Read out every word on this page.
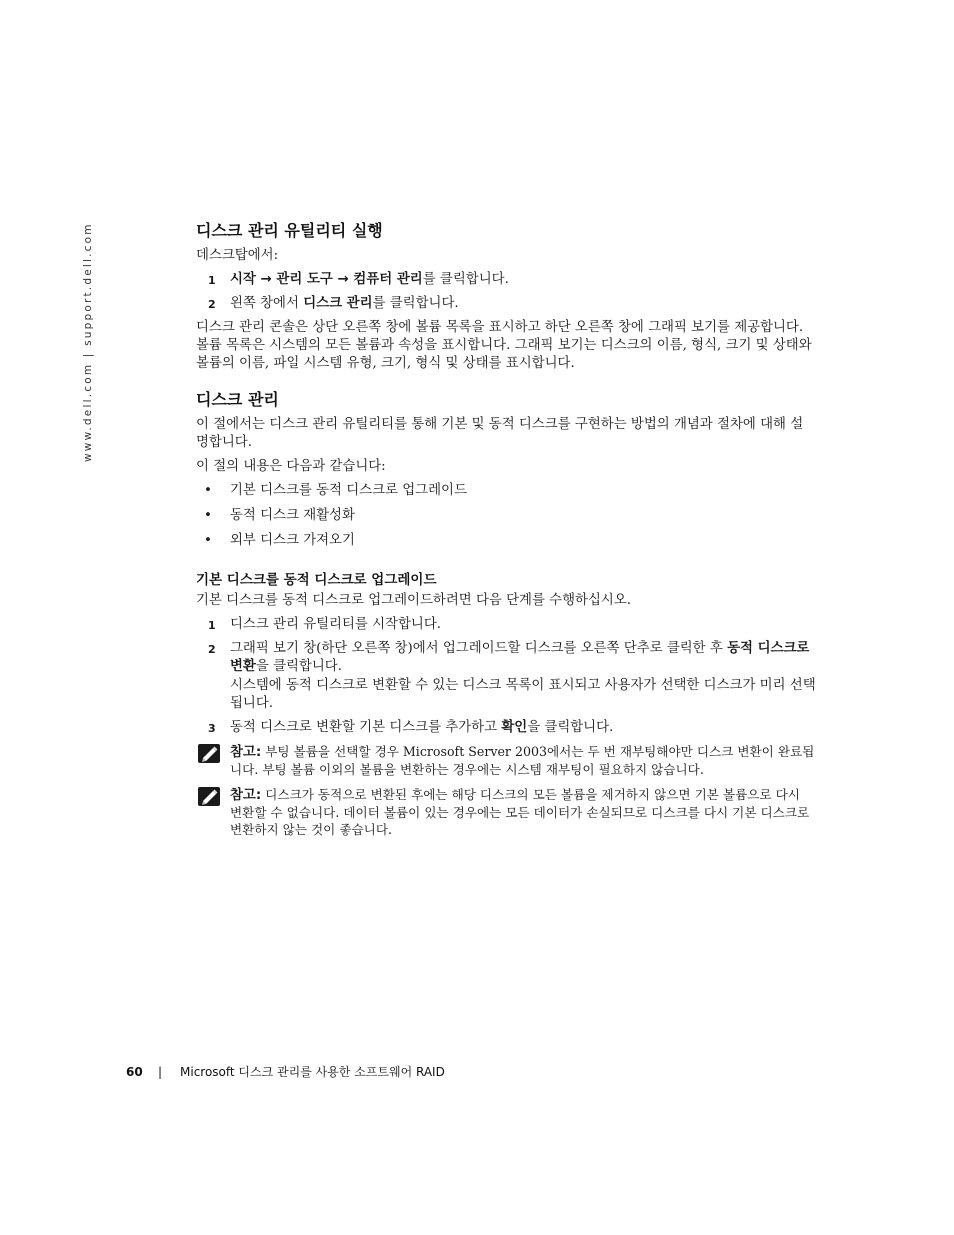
www.dell.com | support.dell.com	디스크 관리 유틸리티 실행

데스크탑에서:

1 시작 → 관리 도구 → 컴퓨터 관리를 클릭합니다.
2 왼쪽 창에서 디스크 관리를 클릭합니다.

디스크 관리 콘솔은 상단 오른쪽 창에 볼륨 목록을 표시하고 하단 오른쪽 창에 그래픽 보기를 제공합니다. 볼륨 목록은 시스템의 모든 볼륨과 속성을 표시합니다. 그래픽 보기는 디스크의 이름, 형식, 크기 및 상태와 볼륨의 이름, 파일 시스템 유형, 크기, 형식 및 상태를 표시합니다.

디스크 관리

이 절에서는 디스크 관리 유틸리티를 통해 기본 및 동적 디스크를 구현하는 방법의 개념과 절차에 대해 설명합니다.

이 절의 내용은 다음과 같습니다:

• 기본 디스크를 동적 디스크로 업그레이드
• 동적 디스크 재활성화
• 외부 디스크 가져오기
기본 디스크를 동적 디스크로 업그레이드

기본 디스크를 동적 디스크로 업그레이드하려면 다음 단계를 수행하십시오.

1 디스크 관리 유틸리티를 시작합니다.
2 그래픽 보기 창(하단 오른쪽 창)에서 업그레이드할 디스크를 오른쪽 단추로 클릭한 후 동적 디스크로 변환을 클릭합니다.
시스템에 동적 디스크로 변환할 수 있는 디스크 목록이 표시되고 사용자가 선택한 디스크가 미리 선택됩니다.
3 동적 디스크로 변환할 기본 디스크를 추가하고 확인을 클릭합니다.
참고: 부팅 볼륨을 선택할 경우 Microsoft Server 2003에서는 두 번 재부팅해야만 디스크 변환이 완료됩니다. 부팅 볼륨 이외의 볼륨을 변환하는 경우에는 시스템 재부팅이 필요하지 않습니다.
참고: 디스크가 동적으로 변환된 후에는 해당 디스크의 모든 볼륨을 제거하지 않으면 기본 볼륨으로 다시 변환할 수 없습니다. 데이터 볼륨이 있는 경우에는 모든 데이터가 손실되므로 디스크를 다시 기본 디스크로 변환하지 않는 것이 좋습니다.
60 | Microsoft 디스크 관리를 사용한 소프트웨어 RAID
